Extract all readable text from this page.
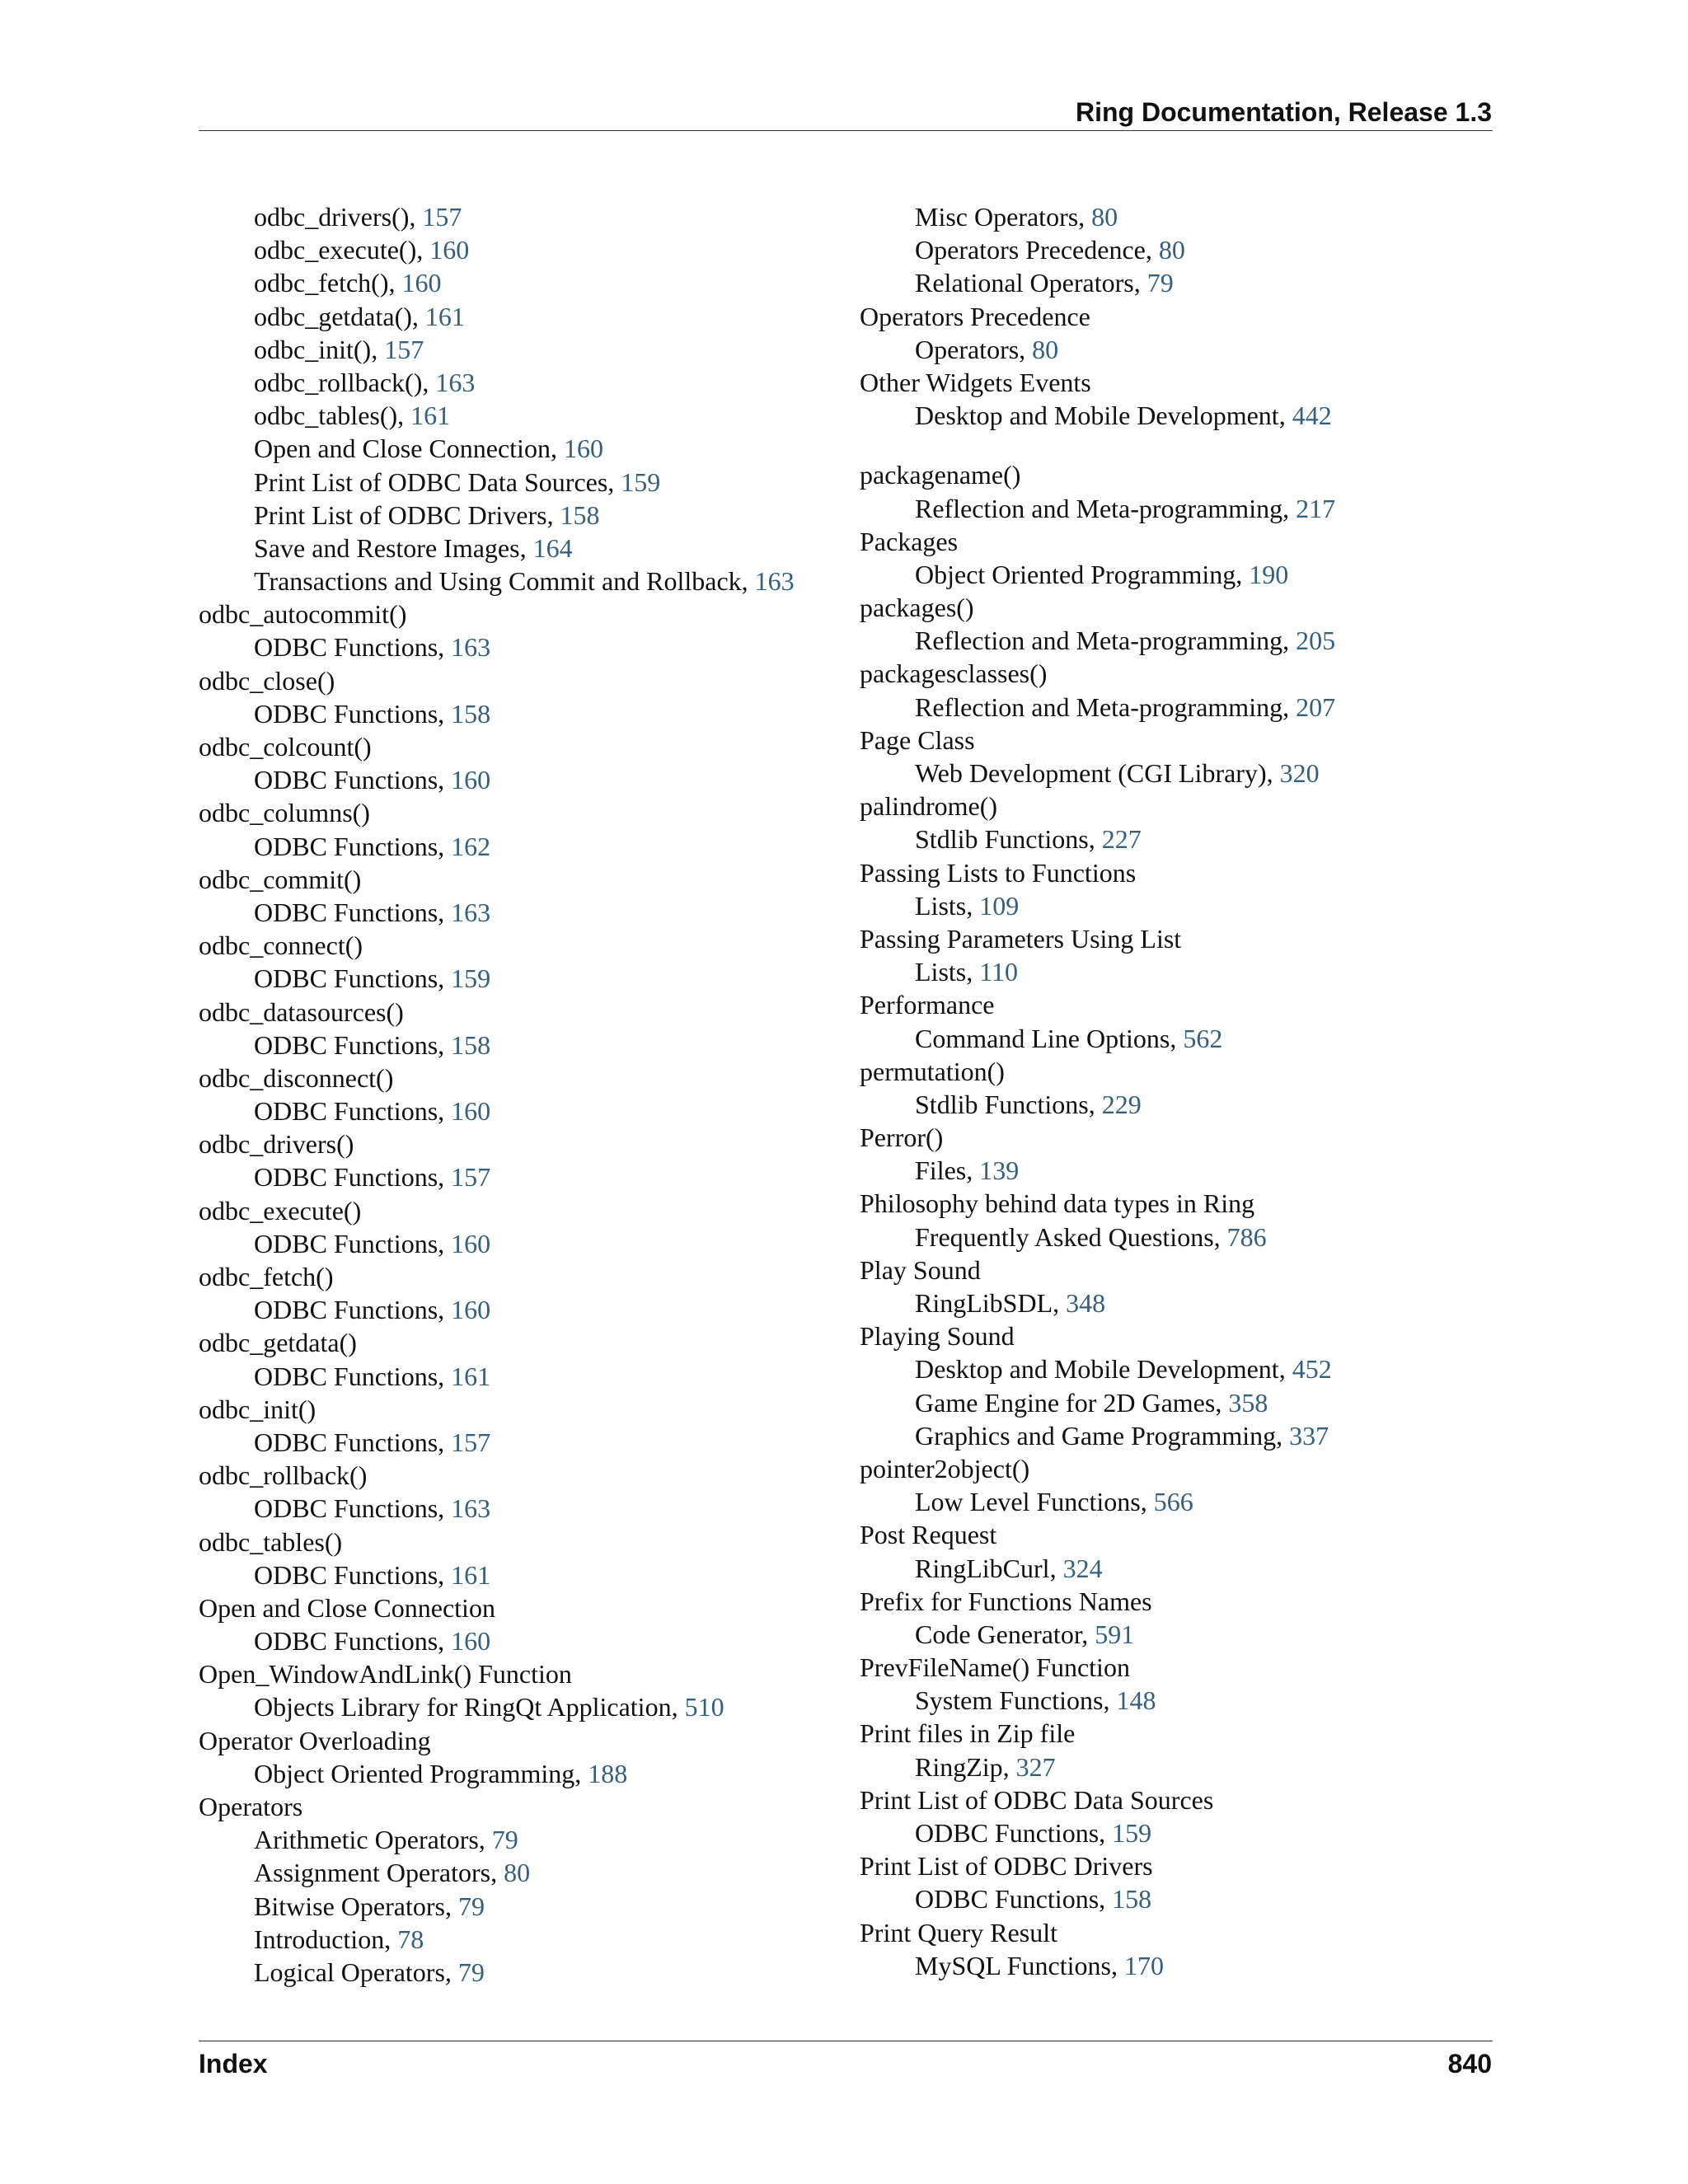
Ring Documentation, Release 1.3
odbc_drivers(), 157
odbc_execute(), 160
odbc_fetch(), 160
odbc_getdata(), 161
odbc_init(), 157
odbc_rollback(), 163
odbc_tables(), 161
Open and Close Connection, 160
Print List of ODBC Data Sources, 159
Print List of ODBC Drivers, 158
Save and Restore Images, 164
Transactions and Using Commit and Rollback, 163
odbc_autocommit()
ODBC Functions, 163
odbc_close()
ODBC Functions, 158
odbc_colcount()
ODBC Functions, 160
odbc_columns()
ODBC Functions, 162
odbc_commit()
ODBC Functions, 163
odbc_connect()
ODBC Functions, 159
odbc_datasources()
ODBC Functions, 158
odbc_disconnect()
ODBC Functions, 160
odbc_drivers()
ODBC Functions, 157
odbc_execute()
ODBC Functions, 160
odbc_fetch()
ODBC Functions, 160
odbc_getdata()
ODBC Functions, 161
odbc_init()
ODBC Functions, 157
odbc_rollback()
ODBC Functions, 163
odbc_tables()
ODBC Functions, 161
Open and Close Connection
ODBC Functions, 160
Open_WindowAndLink() Function
Objects Library for RingQt Application, 510
Operator Overloading
Object Oriented Programming, 188
Operators
Arithmetic Operators, 79
Assignment Operators, 80
Bitwise Operators, 79
Introduction, 78
Logical Operators, 79
Misc Operators, 80
Operators Precedence, 80
Relational Operators, 79
Operators Precedence
Operators, 80
Other Widgets Events
Desktop and Mobile Development, 442
packagename()
Reflection and Meta-programming, 217
Packages
Object Oriented Programming, 190
packages()
Reflection and Meta-programming, 205
packagesclasses()
Reflection and Meta-programming, 207
Page Class
Web Development (CGI Library), 320
palindrome()
Stdlib Functions, 227
Passing Lists to Functions
Lists, 109
Passing Parameters Using List
Lists, 110
Performance
Command Line Options, 562
permutation()
Stdlib Functions, 229
Perror()
Files, 139
Philosophy behind data types in Ring
Frequently Asked Questions, 786
Play Sound
RingLibSDL, 348
Playing Sound
Desktop and Mobile Development, 452
Game Engine for 2D Games, 358
Graphics and Game Programming, 337
pointer2object()
Low Level Functions, 566
Post Request
RingLibCurl, 324
Prefix for Functions Names
Code Generator, 591
PrevFileName() Function
System Functions, 148
Print files in Zip file
RingZip, 327
Print List of ODBC Data Sources
ODBC Functions, 159
Print List of ODBC Drivers
ODBC Functions, 158
Print Query Result
MySQL Functions, 170
Index	840
